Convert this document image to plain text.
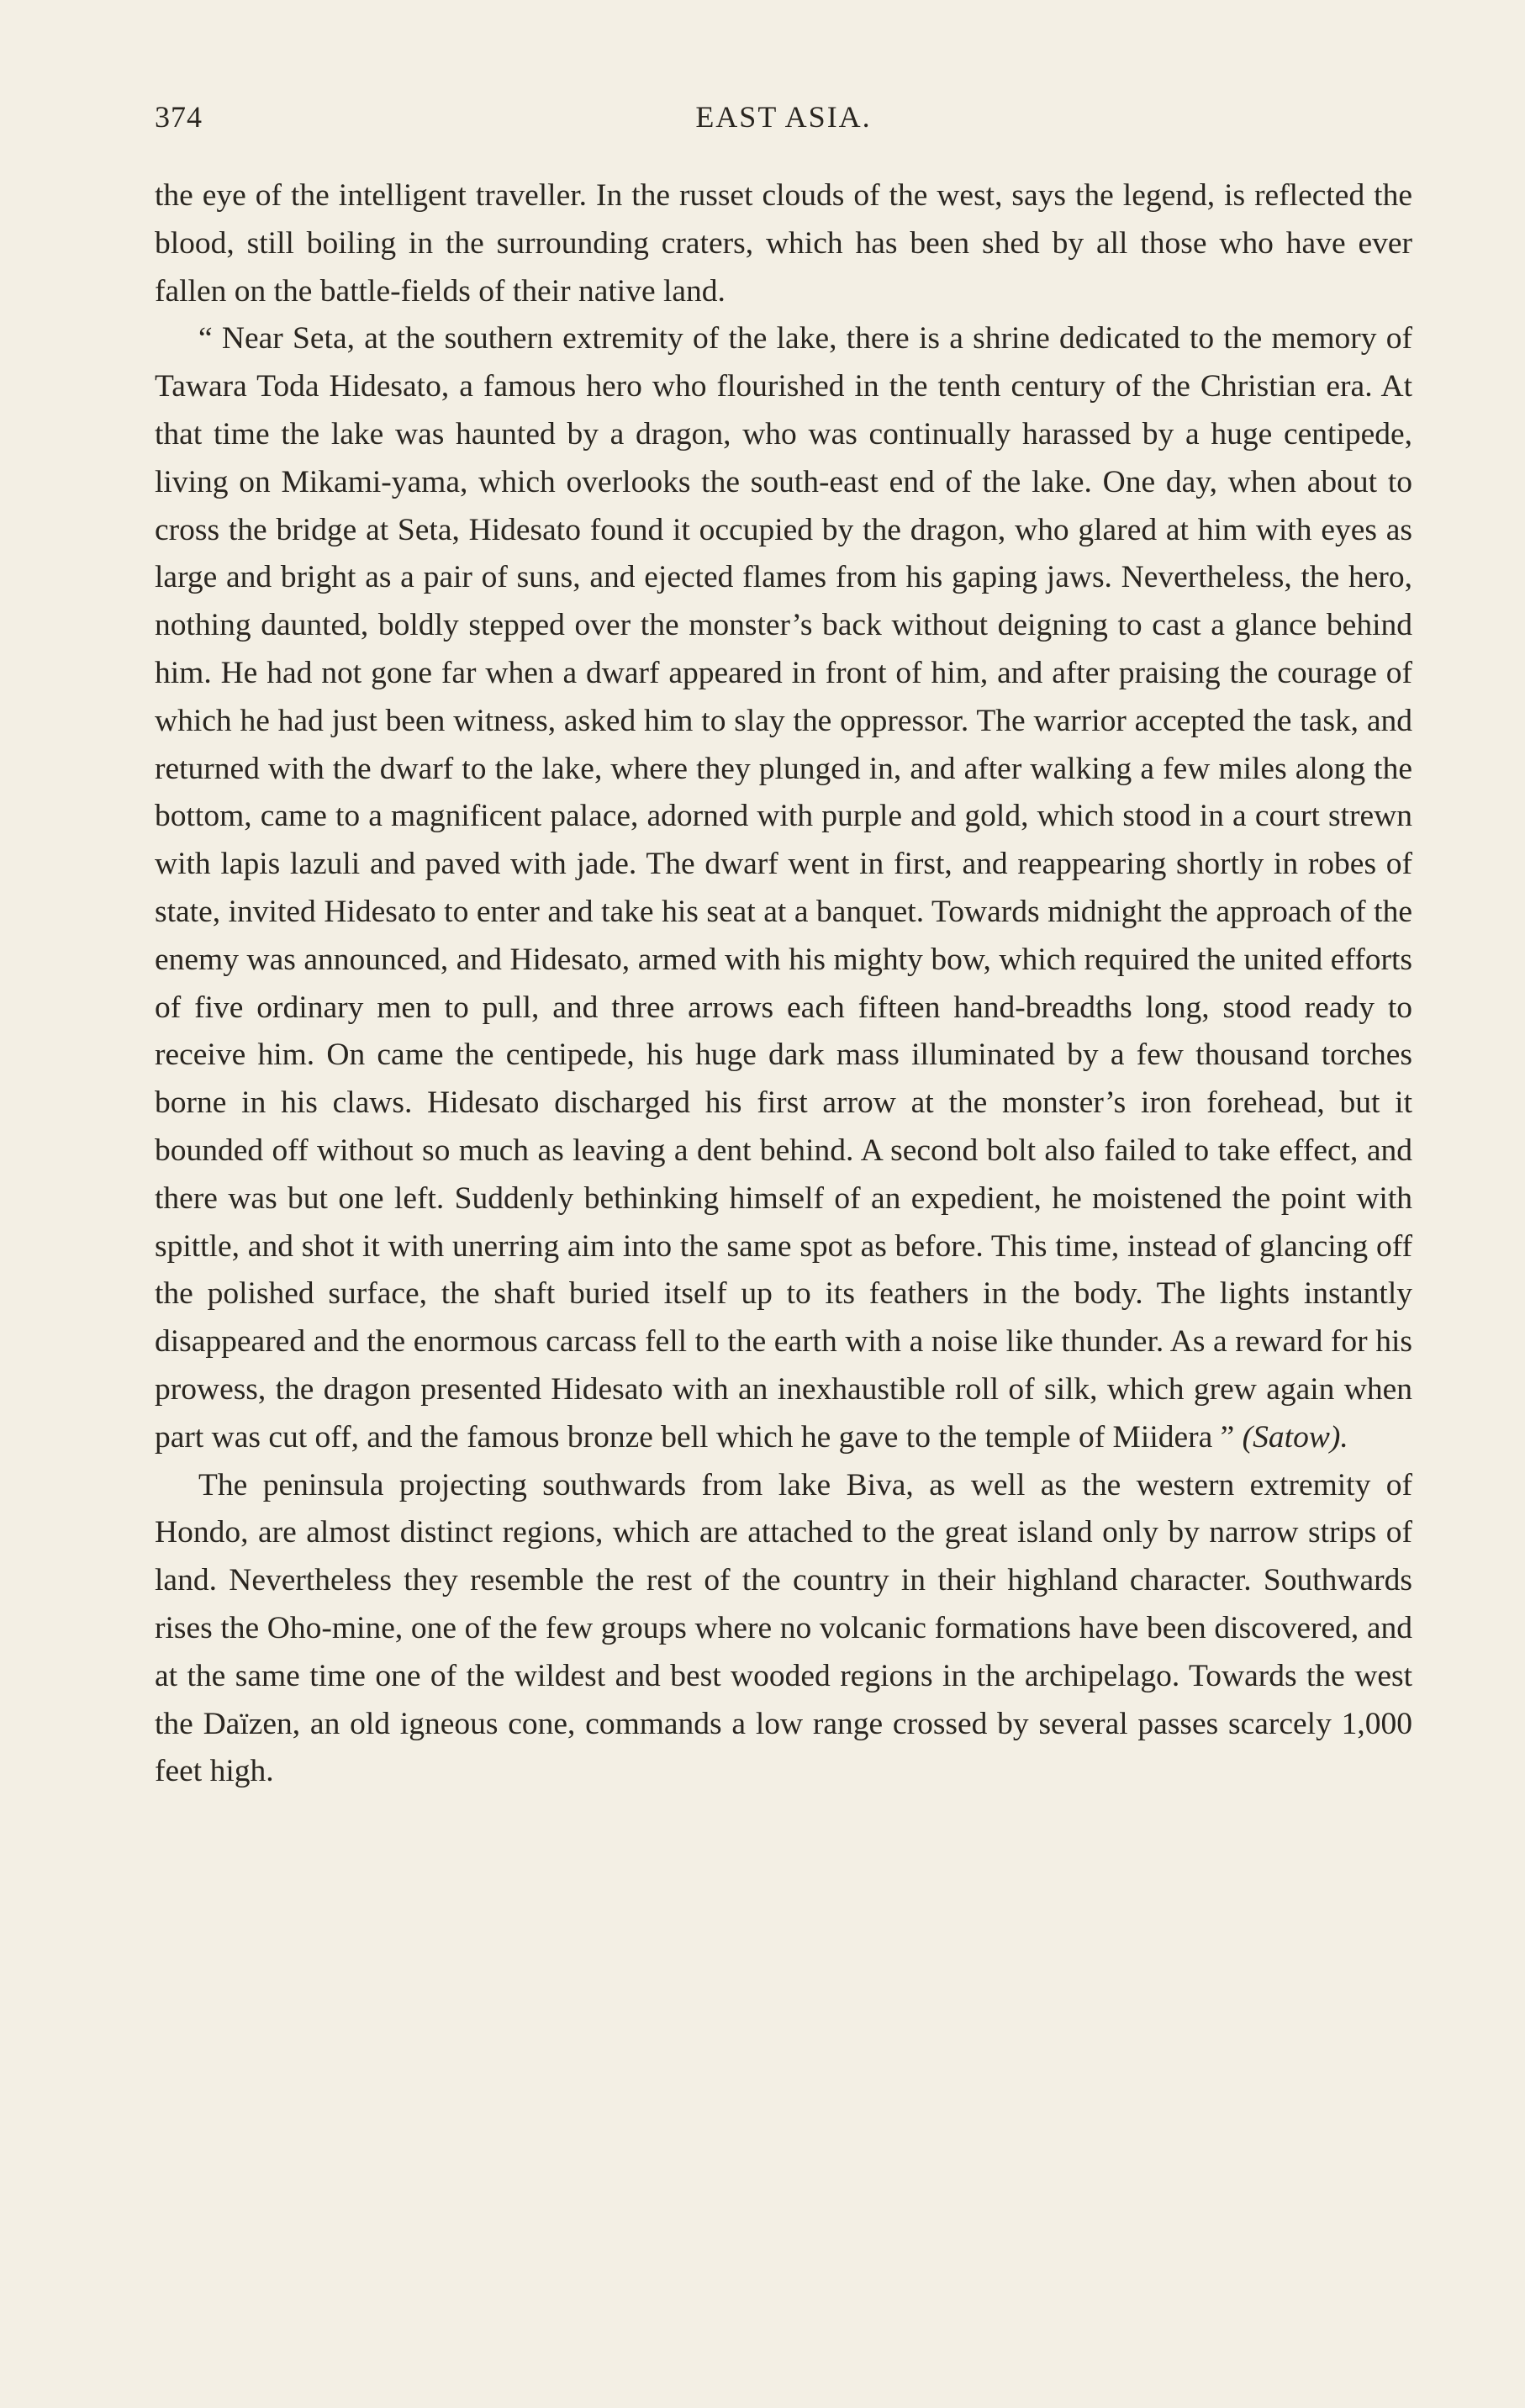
374	EAST ASIA.

the eye of the intelligent traveller. In the russet clouds of the west, says the legend, is reflected the blood, still boiling in the surrounding craters, which has been shed by all those who have ever fallen on the battle-fields of their native land.

“ Near Seta, at the southern extremity of the lake, there is a shrine dedicated to the memory of Tawara Toda Hidesato, a famous hero who flourished in the tenth century of the Christian era. At that time the lake was haunted by a dragon, who was continually harassed by a huge centipede, living on Mikami-yama, which overlooks the south-east end of the lake. One day, when about to cross the bridge at Seta, Hidesato found it occupied by the dragon, who glared at him with eyes as large and bright as a pair of suns, and ejected flames from his gaping jaws. Nevertheless, the hero, nothing daunted, boldly stepped over the monster’s back without deigning to cast a glance behind him. He had not gone far when a dwarf appeared in front of him, and after praising the courage of which he had just been witness, asked him to slay the oppressor. The warrior accepted the task, and returned with the dwarf to the lake, where they plunged in, and after walking a few miles along the bottom, came to a magnificent palace, adorned with purple and gold, which stood in a court strewn with lapis lazuli and paved with jade. The dwarf went in first, and reappearing shortly in robes of state, invited Hidesato to enter and take his seat at a banquet. Towards midnight the approach of the enemy was announced, and Hidesato, armed with his mighty bow, which required the united efforts of five ordinary men to pull, and three arrows each fifteen hand-breadths long, stood ready to receive him. On came the centipede, his huge dark mass illuminated by a few thousand torches borne in his claws. Hidesato discharged his first arrow at the monster’s iron forehead, but it bounded off without so much as leaving a dent behind. A second bolt also failed to take effect, and there was but one left. Suddenly bethinking himself of an expedient, he moistened the point with spittle, and shot it with unerring aim into the same spot as before. This time, instead of glancing off the polished surface, the shaft buried itself up to its feathers in the body. The lights instantly disappeared and the enormous carcass fell to the earth with a noise like thunder. As a reward for his prowess, the dragon presented Hidesato with an inexhaustible roll of silk, which grew again when part was cut off, and the famous bronze bell which he gave to the temple of Miidera ” (Satow).

The peninsula projecting southwards from lake Biva, as well as the western extremity of Hondo, are almost distinct regions, which are attached to the great island only by narrow strips of land. Nevertheless they resemble the rest of the country in their highland character. Southwards rises the Oho-mine, one of the few groups where no volcanic formations have been discovered, and at the same time one of the wildest and best wooded regions in the archipelago. Towards the west the Daïzen, an old igneous cone, commands a low range crossed by several passes scarcely 1,000 feet high.
